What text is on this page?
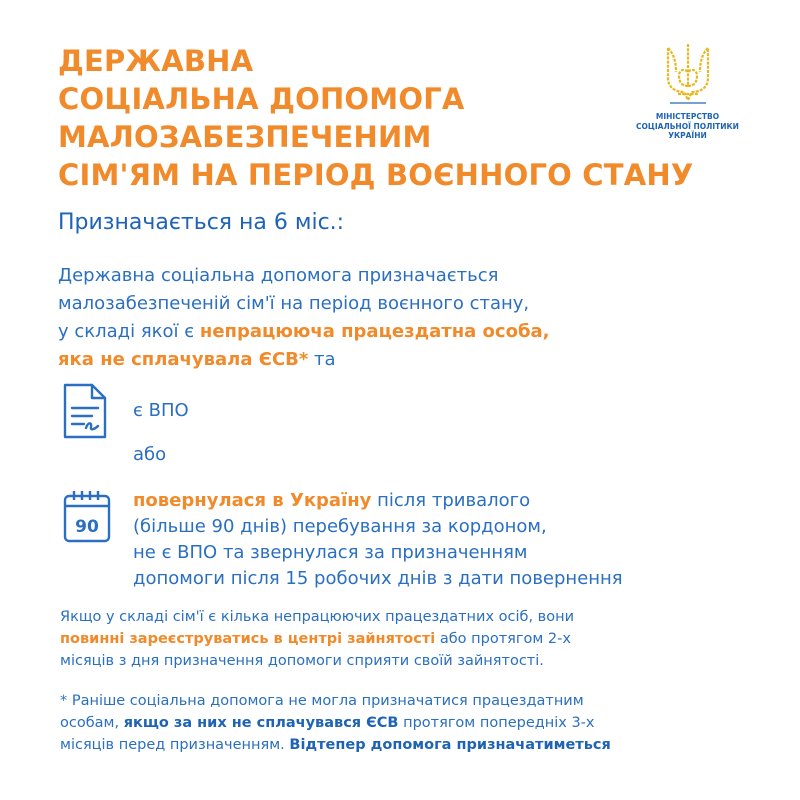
ДЕРЖАВНА
СОЦІАЛЬНА ДОПОМОГА
МАЛОЗАБЕЗПЕЧЕНИМ
СІМ'ЯМ НА ПЕРІОД ВОЄННОГО СТАНУ
МІНІСТЕРСТВО
СОЦІАЛЬНОЇ ПОЛІТИКИ
УКРАЇНИ
Призначається на 6 міс.:
Державна соціальна допомога призначається
малозабезпеченій сім'ї на період воєнного стану,
у складі якої є непрацююча працездатна особа,
яка не сплачувала ЄСВ* та
є ВПО
або
90
повернулася в Україну після тривалого
(більше 90 днів) перебування за кордоном,
не є ВПО та звернулася за призначенням
допомоги після 15 робочих днів з дати повернення
Якщо у складі сім'ї є кілька непрацюючих працездатних осіб, вони
повинні зареєструватись в центрі зайнятості або протягом 2-х
місяців з дня призначення допомоги сприяти своїй зайнятості.
* Раніше соціальна допомога не могла призначатися працездатним
особам, якщо за них не сплачувався ЄСВ протягом попередніх 3-х
місяців перед призначенням. Відтепер допомога призначатиметься
